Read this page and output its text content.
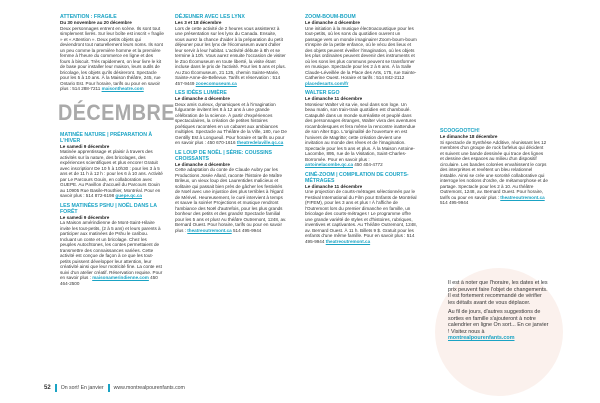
ATTENTION : FRAGILE
Du 30 novembre au 20 décembre

Deux personnages entrent en scène. Ils sont tout simplement livrés. Sur leur boîte est inscrit « fragile » et « Attention ». Deux petits objets qui deviendront tout naturellement leurs noms. Ils sont un peu comme la première homme et la première femme à l'heure du commerce en ligne et des fours à biscuit. Très rapidement, on leur livre le kit de base pour installer leur maison, leurs outils de bricolage, les objets qu'ils désireront. Spectacle pour les 5 à 10 ans. À la Maison théâtre, 245, rue Ontario Est. Pour horaire, tarifs ou pour en savoir plus : 514 288-7211 maisontheatre.com

DÉCEMBRE
MATINÉE NATURE | PRÉPARATION À L'HIVER
Le samedi 9 décembre

Matinée apprentissage et plaisir à travers des activités sur la nature, des bricolages, des expériences scientifiques et plus encore! Gratuit avec inscription! De 10 h à 10h30 : pour les 3 à 5 ans et de 11 h à 12 h : pour les 6 à 10 ans. Activité par Le Parcours Gouin, en collaboration avec GUEPE. Au Pavillon d'accueil du Parcours Gouin au 10905 Rue Basile-Routhier, Montréal. Pour en savoir plus : 514 872-6198 guepe.qc.ca

LES MATINÉES PSHU | NOËL DANS LA FORÊT
Le samedi 9 décembre

La Maison amérindienne de Mont-Saint-Hilaire invite les tout-petits, (2 à 5 ans) et leurs parents à participer aux matinées de Pshu le caribou. Incluant un conte et un bricolage. Chez les peuples Autochtones, les contes permettaient de transmettre des connaissances variées. Cette activité est conçue de façon à ce que les tout-petits puissent développer leur attention, leur créativité ainsi que leur motricité fine. La conte est suivi d'un atelier créatif. Réservation requise. Pour en savoir plus : maisonamerindienne.com 450 464-2500

DÉJEUNER AVEC LES LYNX
Les 3 et 18 décembre

Lors de cette activité de 2 heures vous assisterez à une présentation sur les lynx du Canada. Ensuite, vous aurez la chance d'aider à la préparation du petit déjeuner pour les lynx de l'écomuseum avant d'aller leur servir à leur habitat. L'activité débute à 8h et se termine à 10h. Vous aurez ensuite l'occasion de visiter le Zoo Écomuseum en toute liberté, la visite étant incluse dans le prix de l'activité. Pour les 5 ans et plus. Au Zoo Écomuseum, 21 125, chemin Sainte-Marie, Sainte-Anne-de-Bellevue. Tarifs et réservation : 514 457-9449 zooecomuseum.ca

LES IDÉES LUMIÈRE
Le dimanche 4 décembre

Deux amis curieux, dynamiques et à l'imagination fulgurante invitent les 8 à 12 ans à une grande célébration de la science. À partir d'expériences spectaculaires, la création de petites histoires poétiques racontées en un cabaret aux ambiances multiples. Spectacle au Théâtre de la Ville, 180, rue De Gentilly Est à Longueuil. Pour horaire et tarifs ou pour en savoir plus : 450 670-1616 theatredelaville.qc.ca

LE LOUP DE NOËL | SÉRIE: COUSSINS CROISSANTS
Le dimanche 4 décembre

Cette adaptation du conte de Claude Aubry par les Productions Josée Allard, raconte l'histoire de Maître Brileux, un vieux loup des Laurentides malicieux et solitaire qui passait bien près de gâcher les festivités de Noël avec une injustice des plus terribles à l'égard de Mérivel. Heureusement, le curé intervient à temps et sauve la soirée! Projections et musique rendront l'ambiance des Noël d'autrefois, pour les plus grands bonheur des petits et des grands! Spectacle familial pour les 5 ans et plus! Au théâtre Outremont, 1248, av. Bernard Ouest. Pour horaire, tarifs ou pour en savoir plus : theatreoutremont.ca 514 495-9944

ZOOM-BOUM-BOUM
Le dimanche 4 décembre

Une initiation à la musique électroacoustique pour les tout-petits, où les sons du quotidien ouvrent un passage vers un monde imaginaire! Zoom-boum-boum s'inspire de la petite enfance, où le vécu des lieux et des objets peuvent éveiller l'imagination, où les objets les plus ordinaires peuvent devenir des instruments et où les sons les plus communs peuvent se transformer en musique. Spectacle pour les 2 à 6 ans. À la Salle Claude-Léveillée de la Place des Arts, 175, rue Sainte-Catherine Ouest. Horaire et tarifs : 514 842-2112 placedesarts.com/fr

WALTER EGO
Le dimanche 11 décembre

Monsieur Walter vit sa vie, seul dans son loge. Un beau matin, son train-train quotidien est chamboulé. Catapulté dans un monde surréaliste et peuplé dans des personnages étranges, Walter vivra des aventures rocambolesques et fera même la rencontre inattendue de son Alter Ego. L'originalité de l'ouverture en est l'univers de Magritte; cette création devient une invitation au monde des rêves et de l'imagination. Spectacle pour les 5 ans et plus. À la Maison Antoine-Lacombe, 895, rue de la Visitation, Saint-Charles-Borromée. Pour en savoir plus : antoinelacombe.qc.ca 450 404-4772

CINÉ-ZOOM | COMPILATION DE COURTS-MÉTRAGES
Le dimanche 11 décembre

Une projection de courts-métrages sélectionnés par le Festival International du Film pour Enfants de Montréal (FIFEM), pour les 3 ans et plus ! À l'affiche de l'Outremont lors du premier dimanche en famille, un bricolage des courts-métrages ! Le programme offre une grande variété de styles et d'histoires, rubriques, inventives et captivantes. Au Théâtre Outremont, 1248, av. Bernard Ouest. À 11 h. Billets 9 $. Gratuit pour les enfants d'une même famille. Pour en savoir plus : 514 495-9944 theatreoutremont.ca

SCOOGOOTCH!
Le dimanche 18 décembre

Si spectacle de Synthèse Additive, réunissant les 12 membres d'un groupe de rock farfelus qui décident et suivent une bande dessinée qui trace des lignes et dessine des espaces au milieu d'un dispositif circulaire. Les bandes colorées envahissent le corps des interprètes et revêtent un bleu relationnel instable. Ainsi se crée une sororité collaborative qui interroge les notions d'ordre, de métamorphose et de partage. Spectacle pour les 2 à 10. Au théâtre Outremont, 1248, av. Bernard Ouest. Pour horaire, tarifs ou pour en savoir plus : theatreoutremont.ca 514 495-9944

Il est à noter que l'horaire, les dates et les prix peuvent faire l'objet de changements. Il est fortement recommandé de vérifier les détails avant de vous déplacer.

Au fil de jours, d'autres suggestions de sorties en famille s'ajouteront à notre calendrier en ligne On sort... En ce janvier ! Visitez nous à montrealpourenfants.com

52 On sort! En janvier www.montrealpourenfants.com
